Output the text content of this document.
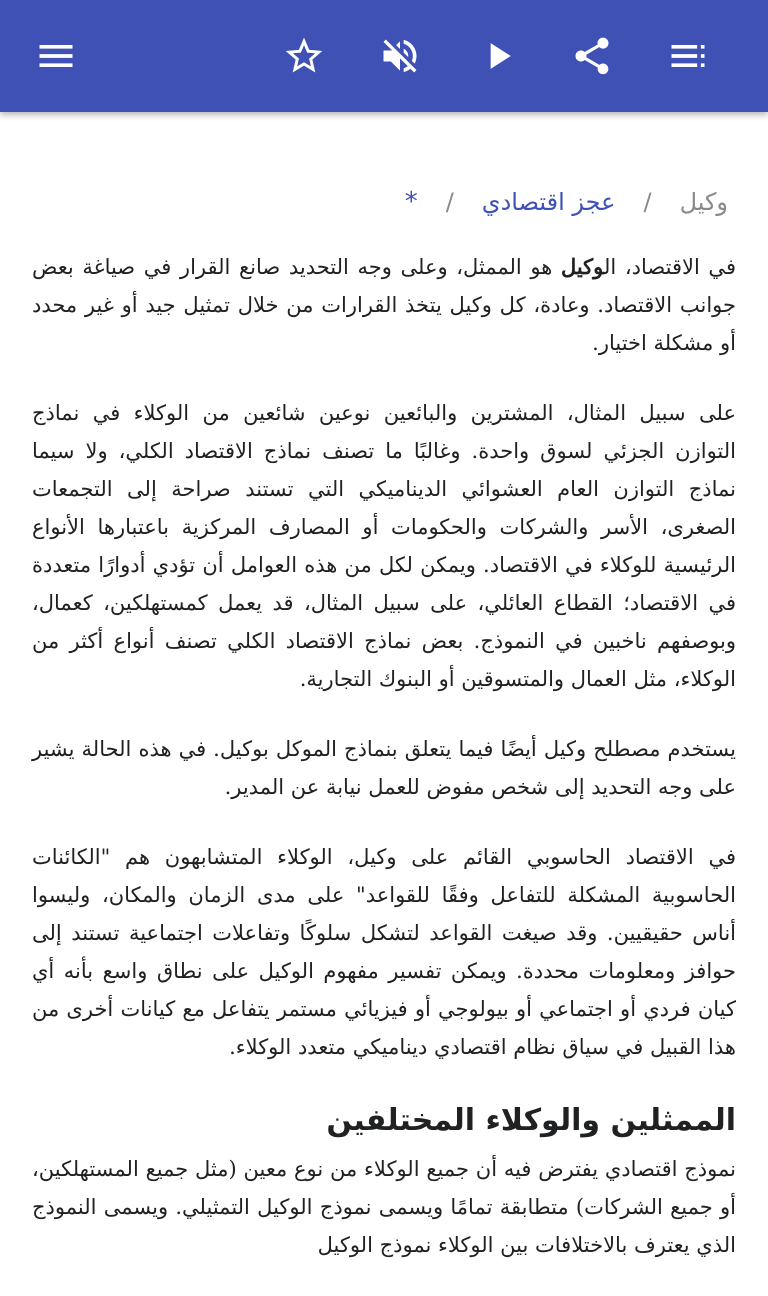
وكيل
/
عجز اقتصادي
/
*

في الاقتصاد، الوكيل هو الممثل، وعلى وجه التحديد صانع القرار في صياغة بعض جوانب الاقتصاد. وعادة، كل وكيل يتخذ القرارات من خلال تمثيل جيد أو غير محدد أو مشكلة اختيار.

على سبيل المثال، المشترين والبائعين نوعين شائعين من الوكلاء في نماذج التوازن الجزئي لسوق واحدة. وغالبًا ما تصنف نماذج الاقتصاد الكلي، ولا سيما نماذج التوازن العام العشوائي الديناميكي التي تستند صراحة إلى التجمعات الصغرى، الأسر والشركات والحكومات أو المصارف المركزية باعتبارها الأنواع الرئيسية للوكلاء في الاقتصاد. ويمكن لكل من هذه العوامل أن تؤدي أدوارًا متعددة في الاقتصاد؛ القطاع العائلي، على سبيل المثال، قد يعمل كمستهلكين، كعمال، وبوصفهم ناخبين في النموذج. بعض نماذج الاقتصاد الكلي تصنف أنواع أكثر من الوكلاء، مثل العمال والمتسوقين أو البنوك التجارية.

يستخدم مصطلح وكيل أيضًا فيما يتعلق بنماذج الموكل بوكيل. في هذه الحالة يشير على وجه التحديد إلى شخص مفوض للعمل نيابة عن المدير.

في الاقتصاد الحاسوبي القائم على وكيل، الوكلاء المتشابهون هم "الكائنات الحاسوبية المشكلة للتفاعل وفقًا للقواعد" على مدى الزمان والمكان، وليسوا أناس حقيقيين. وقد صيغت القواعد لتشكل سلوكًا وتفاعلات اجتماعية تستند إلى حوافز ومعلومات محددة. ويمكن تفسير مفهوم الوكيل على نطاق واسع بأنه أي كيان فردي أو اجتماعي أو بيولوجي أو فيزيائي مستمر يتفاعل مع كيانات أخرى من هذا القبيل في سياق نظام اقتصادي ديناميكي متعدد الوكلاء.

الممثلين والوكلاء المختلفين

نموذج اقتصادي يفترض فيه أن جميع الوكلاء من نوع معين (مثل جميع المستهلكين، أو جميع الشركات) متطابقة تمامًا ويسمى نموذج الوكيل التمثيلي. ويسمى النموذج الذي يعترف بالاختلافات بين الوكلاء نموذج الوكيل
